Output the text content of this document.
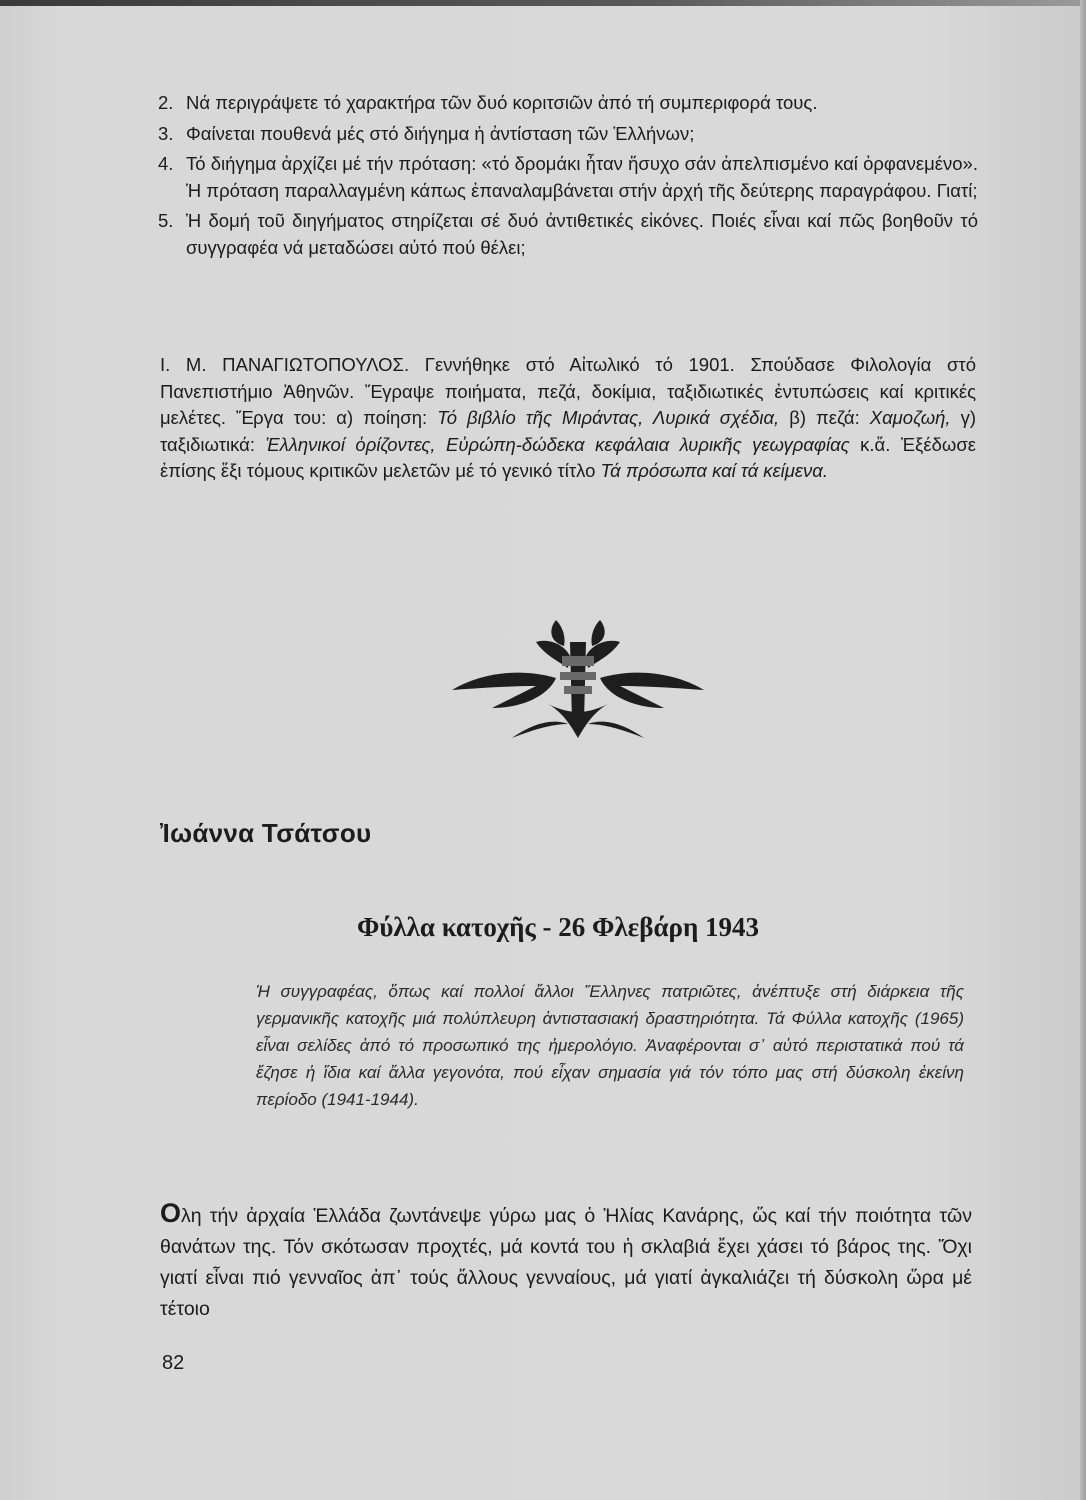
2. Νά περιγράψετε τό χαρακτήρα τῶν δυό κοριτσιῶν ἀπό τή συμπεριφορά τους.
3. Φαίνεται πουθενά μές στό διήγημα ἡ ἀντίσταση τῶν Ἑλλήνων;
4. Τό διήγημα ἀρχίζει μέ τήν πρόταση: «τό δρομάκι ἦταν ἥσυχο σάν ἀπελπισμένο καί ὀρφανεμένο». Ἡ πρόταση παραλλαγμένη κάπως ἐπαναλαμβάνεται στήν ἀρχή τῆς δεύτερης παραγράφου. Γιατί;
5. Ἡ δομή τοῦ διηγήματος στηρίζεται σέ δυό ἀντιθετικές εἰκόνες. Ποιές εἶναι καί πῶς βοηθοῦν τό συγγραφέα νά μεταδώσει αὐτό πού θέλει;
Ι. Μ. ΠΑΝΑΓΙΩΤΟΠΟΥΛΟΣ. Γεννήθηκε στό Αἰτωλικό τό 1901. Σπούδασε Φιλολογία στό Πανεπιστήμιο Ἀθηνῶν. Ἔγραψε ποιήματα, πεζά, δοκίμια, ταξιδιωτικές ἐντυπώσεις καί κριτικές μελέτες. Ἔργα του: α) ποίηση: Τό βιβλίο τῆς Μιράντας, Λυρικά σχέδια, β) πεζά: Χαμοζωή, γ) ταξιδιωτικά: Ἑλληνικοί ὁρίζοντες, Εὐρώπη-δώδεκα κεφάλαια λυρικῆς γεωγραφίας κ.ἄ. Ἐξέδωσε ἐπίσης ἕξι τόμους κριτικῶν μελετῶν μέ τό γενικό τίτλο Τά πρόσωπα καί τά κείμενα.
Ἰωάννα Τσάτσου
Φύλλα κατοχῆς - 26 Φλεβάρη 1943
Ἡ συγγραφέας, ὅπως καί πολλοί ἄλλοι Ἕλληνες πατριῶτες, ἀνέπτυξε στή διάρκεια τῆς γερμανικῆς κατοχῆς μιά πολύπλευρη ἀντιστασιακή δραστηριότητα. Τά Φύλλα κατοχῆς (1965) εἶναι σελίδες ἀπό τό προσωπικό της ἡμερολόγιο. Ἀναφέρονται σ᾿ αὐτό περιστατικά πού τά ἔζησε ἡ ἴδια καί ἄλλα γεγονότα, πού εἶχαν σημασία γιά τόν τόπο μας στή δύσκολη ἐκείνη περίοδο (1941-1944).
Ολη τήν ἀρχαία Ἑλλάδα ζωντάνεψε γύρω μας ὁ Ἠλίας Κανάρης, ὥς καί τήν ποιότητα τῶν θανάτων της. Τόν σκότωσαν προχτές, μά κοντά του ἡ σκλαβιά ἔχει χάσει τό βάρος της. Ὄχι γιατί εἶναι πιό γενναῖος ἀπ᾿ τούς ἄλλους γενναίους, μά γιατί ἀγκαλιάζει τή δύσκολη ὥρα μέ τέτοιο
82
